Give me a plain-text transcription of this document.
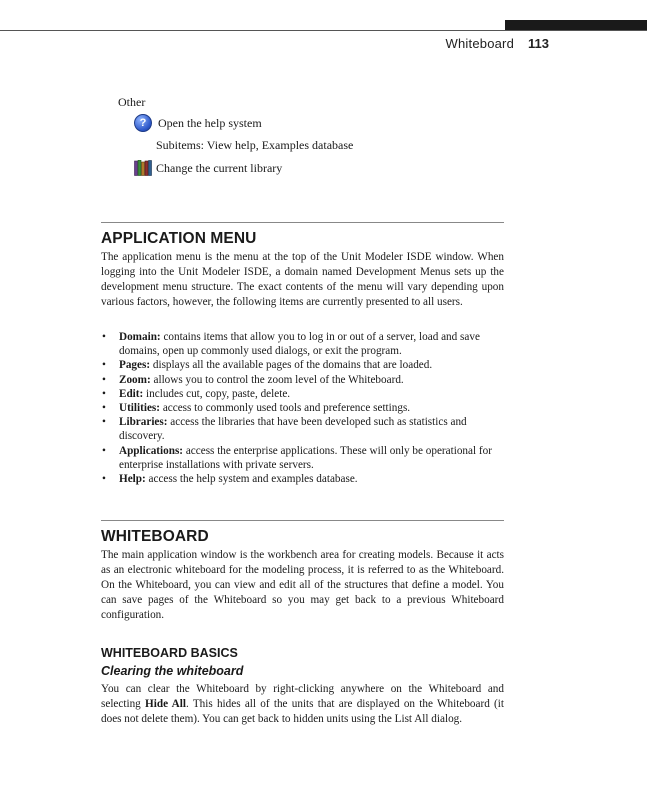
Whiteboard 113
Other
? Open the help system
Subitems: View help, Examples database
Change the current library
APPLICATION MENU

The application menu is the menu at the top of the Unit Modeler ISDE window. When logging into the Unit Modeler ISDE, a domain named Development Menus sets up the development menu structure. The exact contents of the menu will vary depending upon various factors, however, the following items are currently presented to all users.

• Domain: contains items that allow you to log in or out of a server, load and save domains, open up commonly used dialogs, or exit the program.
• Pages: displays all the available pages of the domains that are loaded.
• Zoom: allows you to control the zoom level of the Whiteboard.
• Edit: includes cut, copy, paste, delete.
• Utilities: access to commonly used tools and preference settings.
• Libraries: access the libraries that have been developed such as statistics and discovery.
• Applications: access the enterprise applications. These will only be operational for enterprise installations with private servers.
• Help: access the help system and examples database.
WHITEBOARD

The main application window is the workbench area for creating models. Because it acts as an electronic whiteboard for the modeling process, it is referred to as the Whiteboard. On the Whiteboard, you can view and edit all of the structures that define a model. You can save pages of the Whiteboard so you may get back to a previous Whiteboard configuration.

WHITEBOARD BASICS
Clearing the whiteboard

You can clear the Whiteboard by right-clicking anywhere on the Whiteboard and selecting Hide All. This hides all of the units that are displayed on the Whiteboard (it does not delete them). You can get back to hidden units using the List All dialog.
